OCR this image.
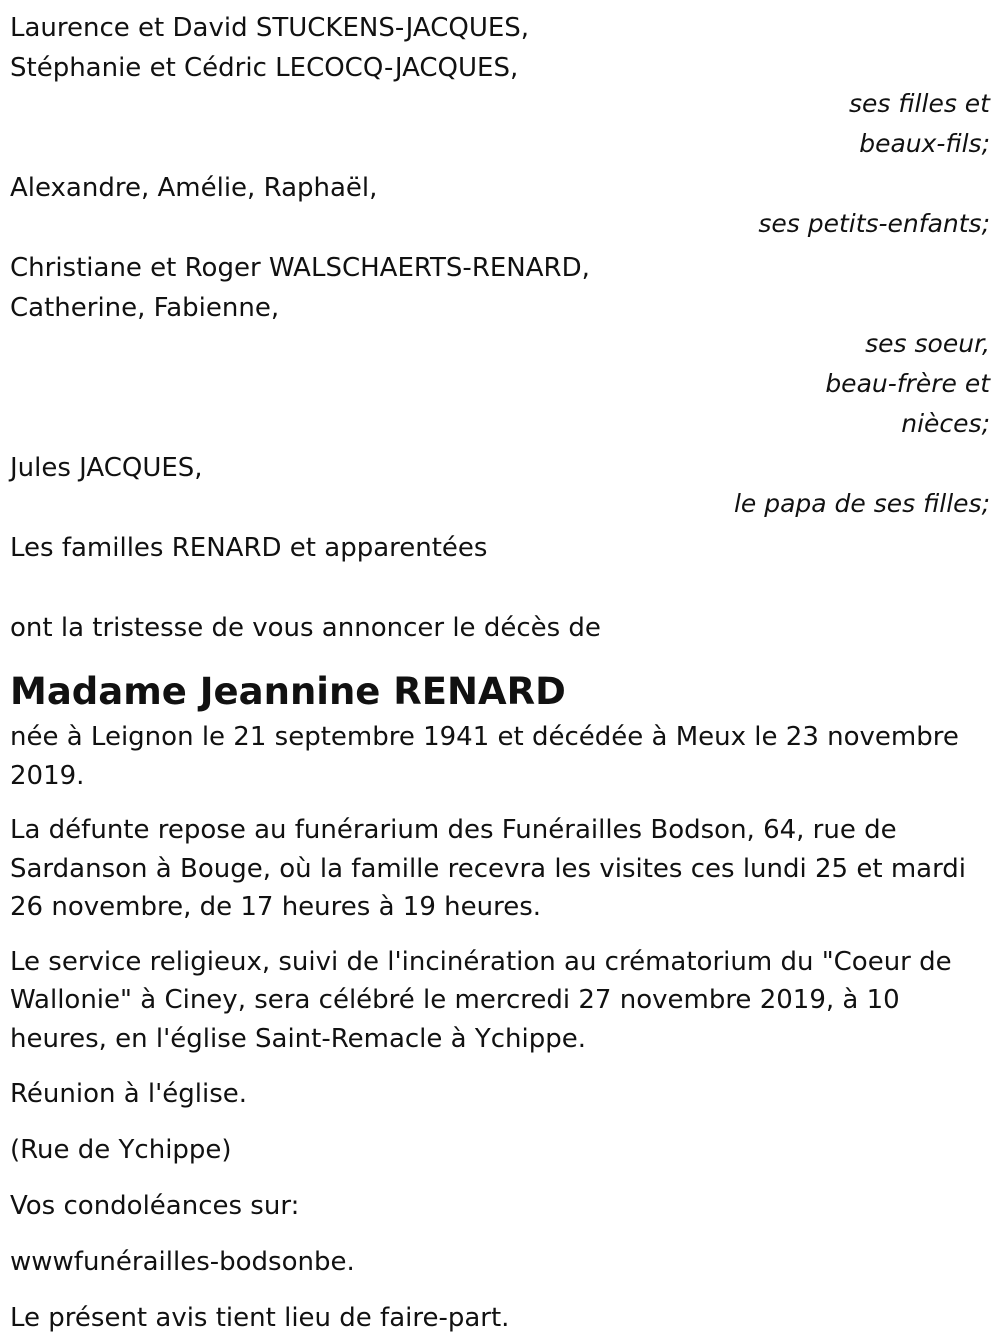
Laurence et David STUCKENS-JACQUES,
Stéphanie et Cédric LECOCQ-JACQUES,
ses filles et
beaux-fils;
Alexandre, Amélie, Raphaël,
ses petits-enfants;
Christiane et Roger WALSCHAERTS-RENARD,
Catherine, Fabienne,
ses soeur,
beau-frère et
nièces;
Jules JACQUES,
le papa de ses filles;
Les familles RENARD et apparentées
ont la tristesse de vous annoncer le décès de
Madame Jeannine RENARD
née à Leignon le 21 septembre 1941 et décédée à Meux le 23 novembre
2019.
La défunte repose au funérarium des Funérailles Bodson, 64, rue de
Sardanson à Bouge, où la famille recevra les visites ces lundi 25 et mardi
26 novembre, de 17 heures à 19 heures.
Le service religieux, suivi de l'incinération au crématorium du "Coeur de
Wallonie" à Ciney, sera célébré le mercredi 27 novembre 2019, à 10
heures, en l'église Saint-Remacle à Ychippe.
Réunion à l'église.
(Rue de Ychippe)
Vos condoléances sur:
wwwfunérailles-bodsonbe.
Le présent avis tient lieu de faire-part.
